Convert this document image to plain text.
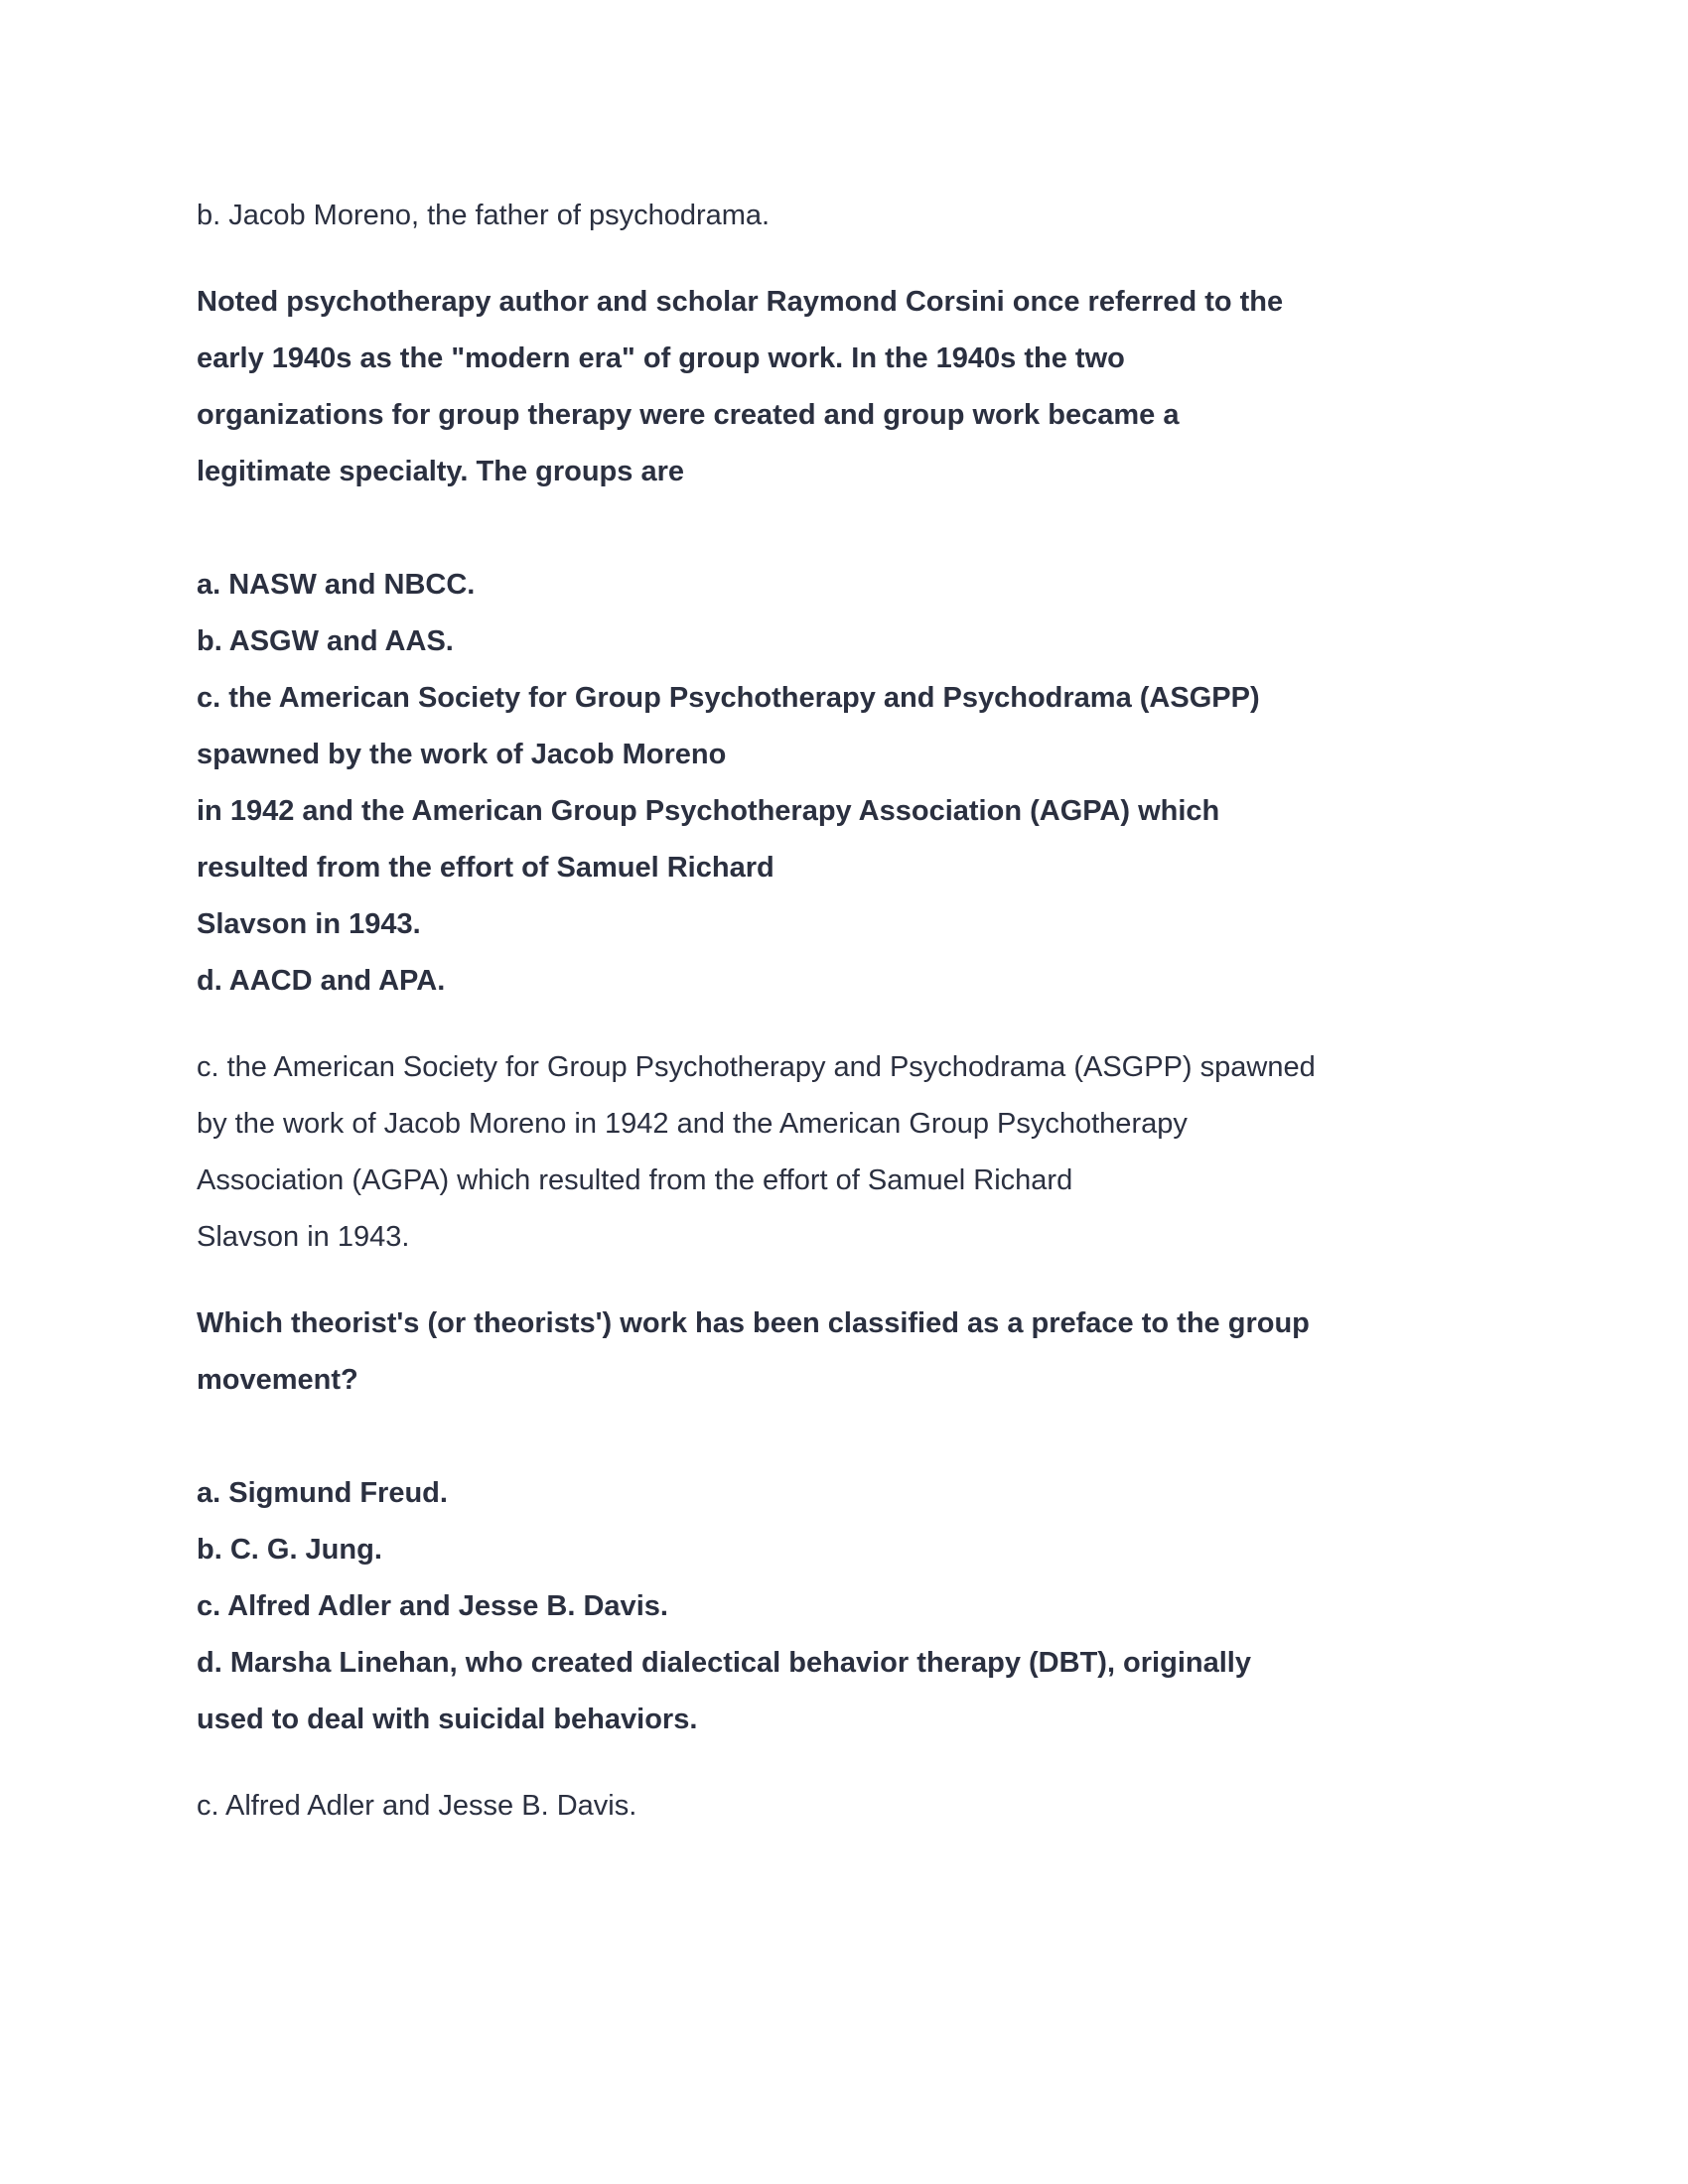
b. Jacob Moreno, the father of psychodrama.
Noted psychotherapy author and scholar Raymond Corsini once referred to the
early 1940s as the "modern era" of group work. In the 1940s the two
organizations for group therapy were created and group work became a
legitimate specialty. The groups are
a. NASW and NBCC.
b. ASGW and AAS.
c. the American Society for Group Psychotherapy and Psychodrama (ASGPP)
spawned by the work of Jacob Moreno
in 1942 and the American Group Psychotherapy Association (AGPA) which
resulted from the effort of Samuel Richard
Slavson in 1943.
d. AACD and APA.
c. the American Society for Group Psychotherapy and Psychodrama (ASGPP) spawned
by the work of Jacob Moreno in 1942 and the American Group Psychotherapy
Association (AGPA) which resulted from the effort of Samuel Richard
Slavson in 1943.
Which theorist's (or theorists') work has been classified as a preface to the group
movement?
a. Sigmund Freud.
b. C. G. Jung.
c. Alfred Adler and Jesse B. Davis.
d. Marsha Linehan, who created dialectical behavior therapy (DBT), originally
used to deal with suicidal behaviors.
c. Alfred Adler and Jesse B. Davis.
